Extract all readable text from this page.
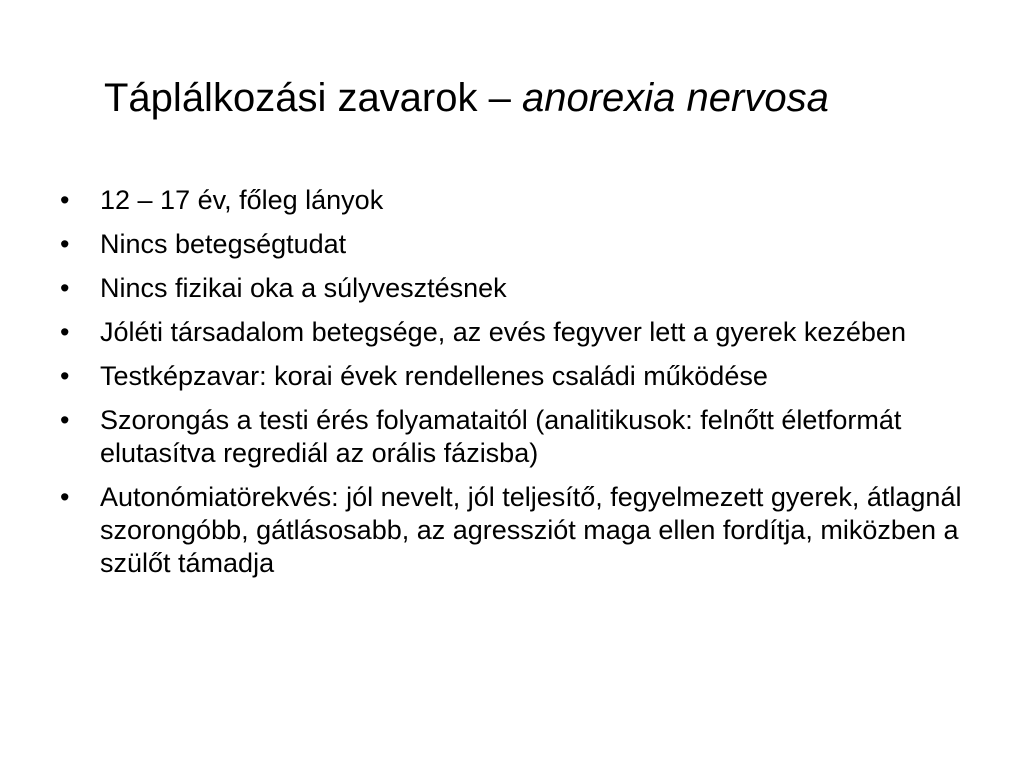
Táplálkozási zavarok – anorexia nervosa
•	12 – 17 év, főleg lányok
•	Nincs betegségtudat
•	Nincs fizikai oka a súlyvesztésnek
•	Jóléti társadalom betegsége, az evés fegyver lett a gyerek kezében
•	Testképzavar: korai évek rendellenes családi működése
•	Szorongás a testi érés folyamataitól (analitikusok: felnőtt életformát elutasítva regrediál az orális fázisba)
•	Autonómiatörekvés: jól nevelt, jól teljesítő, fegyelmezett gyerek, átlagnál szorongóbb, gátlásosabb, az agressziót maga ellen fordítja, miközben a szülőt támadja
